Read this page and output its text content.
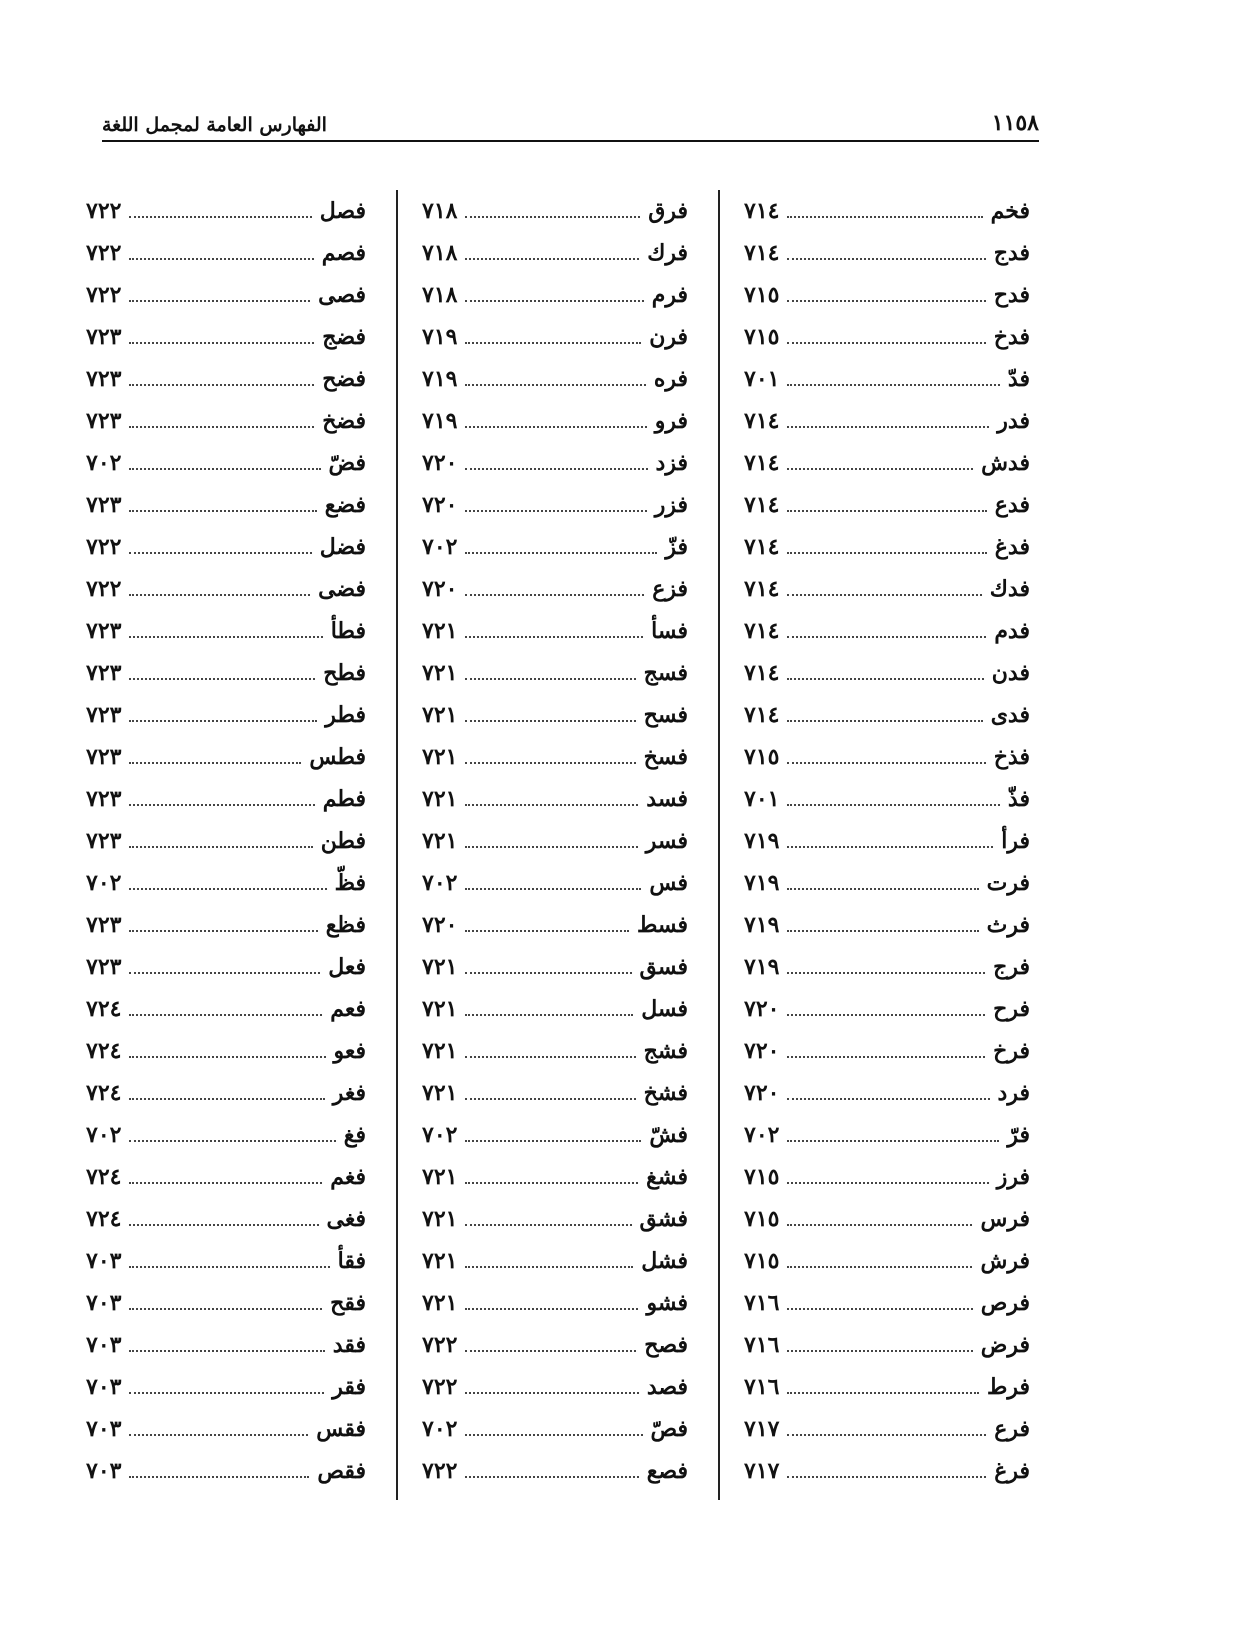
١١٥٨
الفهارس العامة لمجمل اللغة
فخم
٧١٤
فدج
٧١٤
فدح
٧١٥
فدخ
٧١٥
فدّ
٧٠١
فدر
٧١٤
فدش
٧١٤
فدع
٧١٤
فدغ
٧١٤
فدك
٧١٤
فدم
٧١٤
فدن
٧١٤
فدى
٧١٤
فذخ
٧١٥
فذّ
٧٠١
فرأ
٧١٩
فرت
٧١٩
فرث
٧١٩
فرج
٧١٩
فرح
٧٢٠
فرخ
٧٢٠
فرد
٧٢٠
فرّ
٧٠٢
فرز
٧١٥
فرس
٧١٥
فرش
٧١٥
فرص
٧١٦
فرض
٧١٦
فرط
٧١٦
فرع
٧١٧
فرغ
٧١٧
فرق
٧١٨
فرك
٧١٨
فرم
٧١٨
فرن
٧١٩
فره
٧١٩
فرو
٧١٩
فزد
٧٢٠
فزر
٧٢٠
فزّ
٧٠٢
فزع
٧٢٠
فسأ
٧٢١
فسج
٧٢١
فسح
٧٢١
فسخ
٧٢١
فسد
٧٢١
فسر
٧٢١
فس
٧٠٢
فسط
٧٢٠
فسق
٧٢١
فسل
٧٢١
فشج
٧٢١
فشخ
٧٢١
فشّ
٧٠٢
فشغ
٧٢١
فشق
٧٢١
فشل
٧٢١
فشو
٧٢١
فصح
٧٢٢
فصد
٧٢٢
فصّ
٧٠٢
فصع
٧٢٢
فصل
٧٢٢
فصم
٧٢٢
فصى
٧٢٢
فضج
٧٢٣
فضح
٧٢٣
فضخ
٧٢٣
فضّ
٧٠٢
فضع
٧٢٣
فضل
٧٢٢
فضى
٧٢٢
فطأ
٧٢٣
فطح
٧٢٣
فطر
٧٢٣
فطس
٧٢٣
فطم
٧٢٣
فطن
٧٢٣
فظّ
٧٠٢
فظع
٧٢٣
فعل
٧٢٣
فعم
٧٢٤
فعو
٧٢٤
فغر
٧٢٤
فغ
٧٠٢
فغم
٧٢٤
فغى
٧٢٤
فقأ
٧٠٣
فقح
٧٠٣
فقد
٧٠٣
فقر
٧٠٣
فقس
٧٠٣
فقص
٧٠٣
